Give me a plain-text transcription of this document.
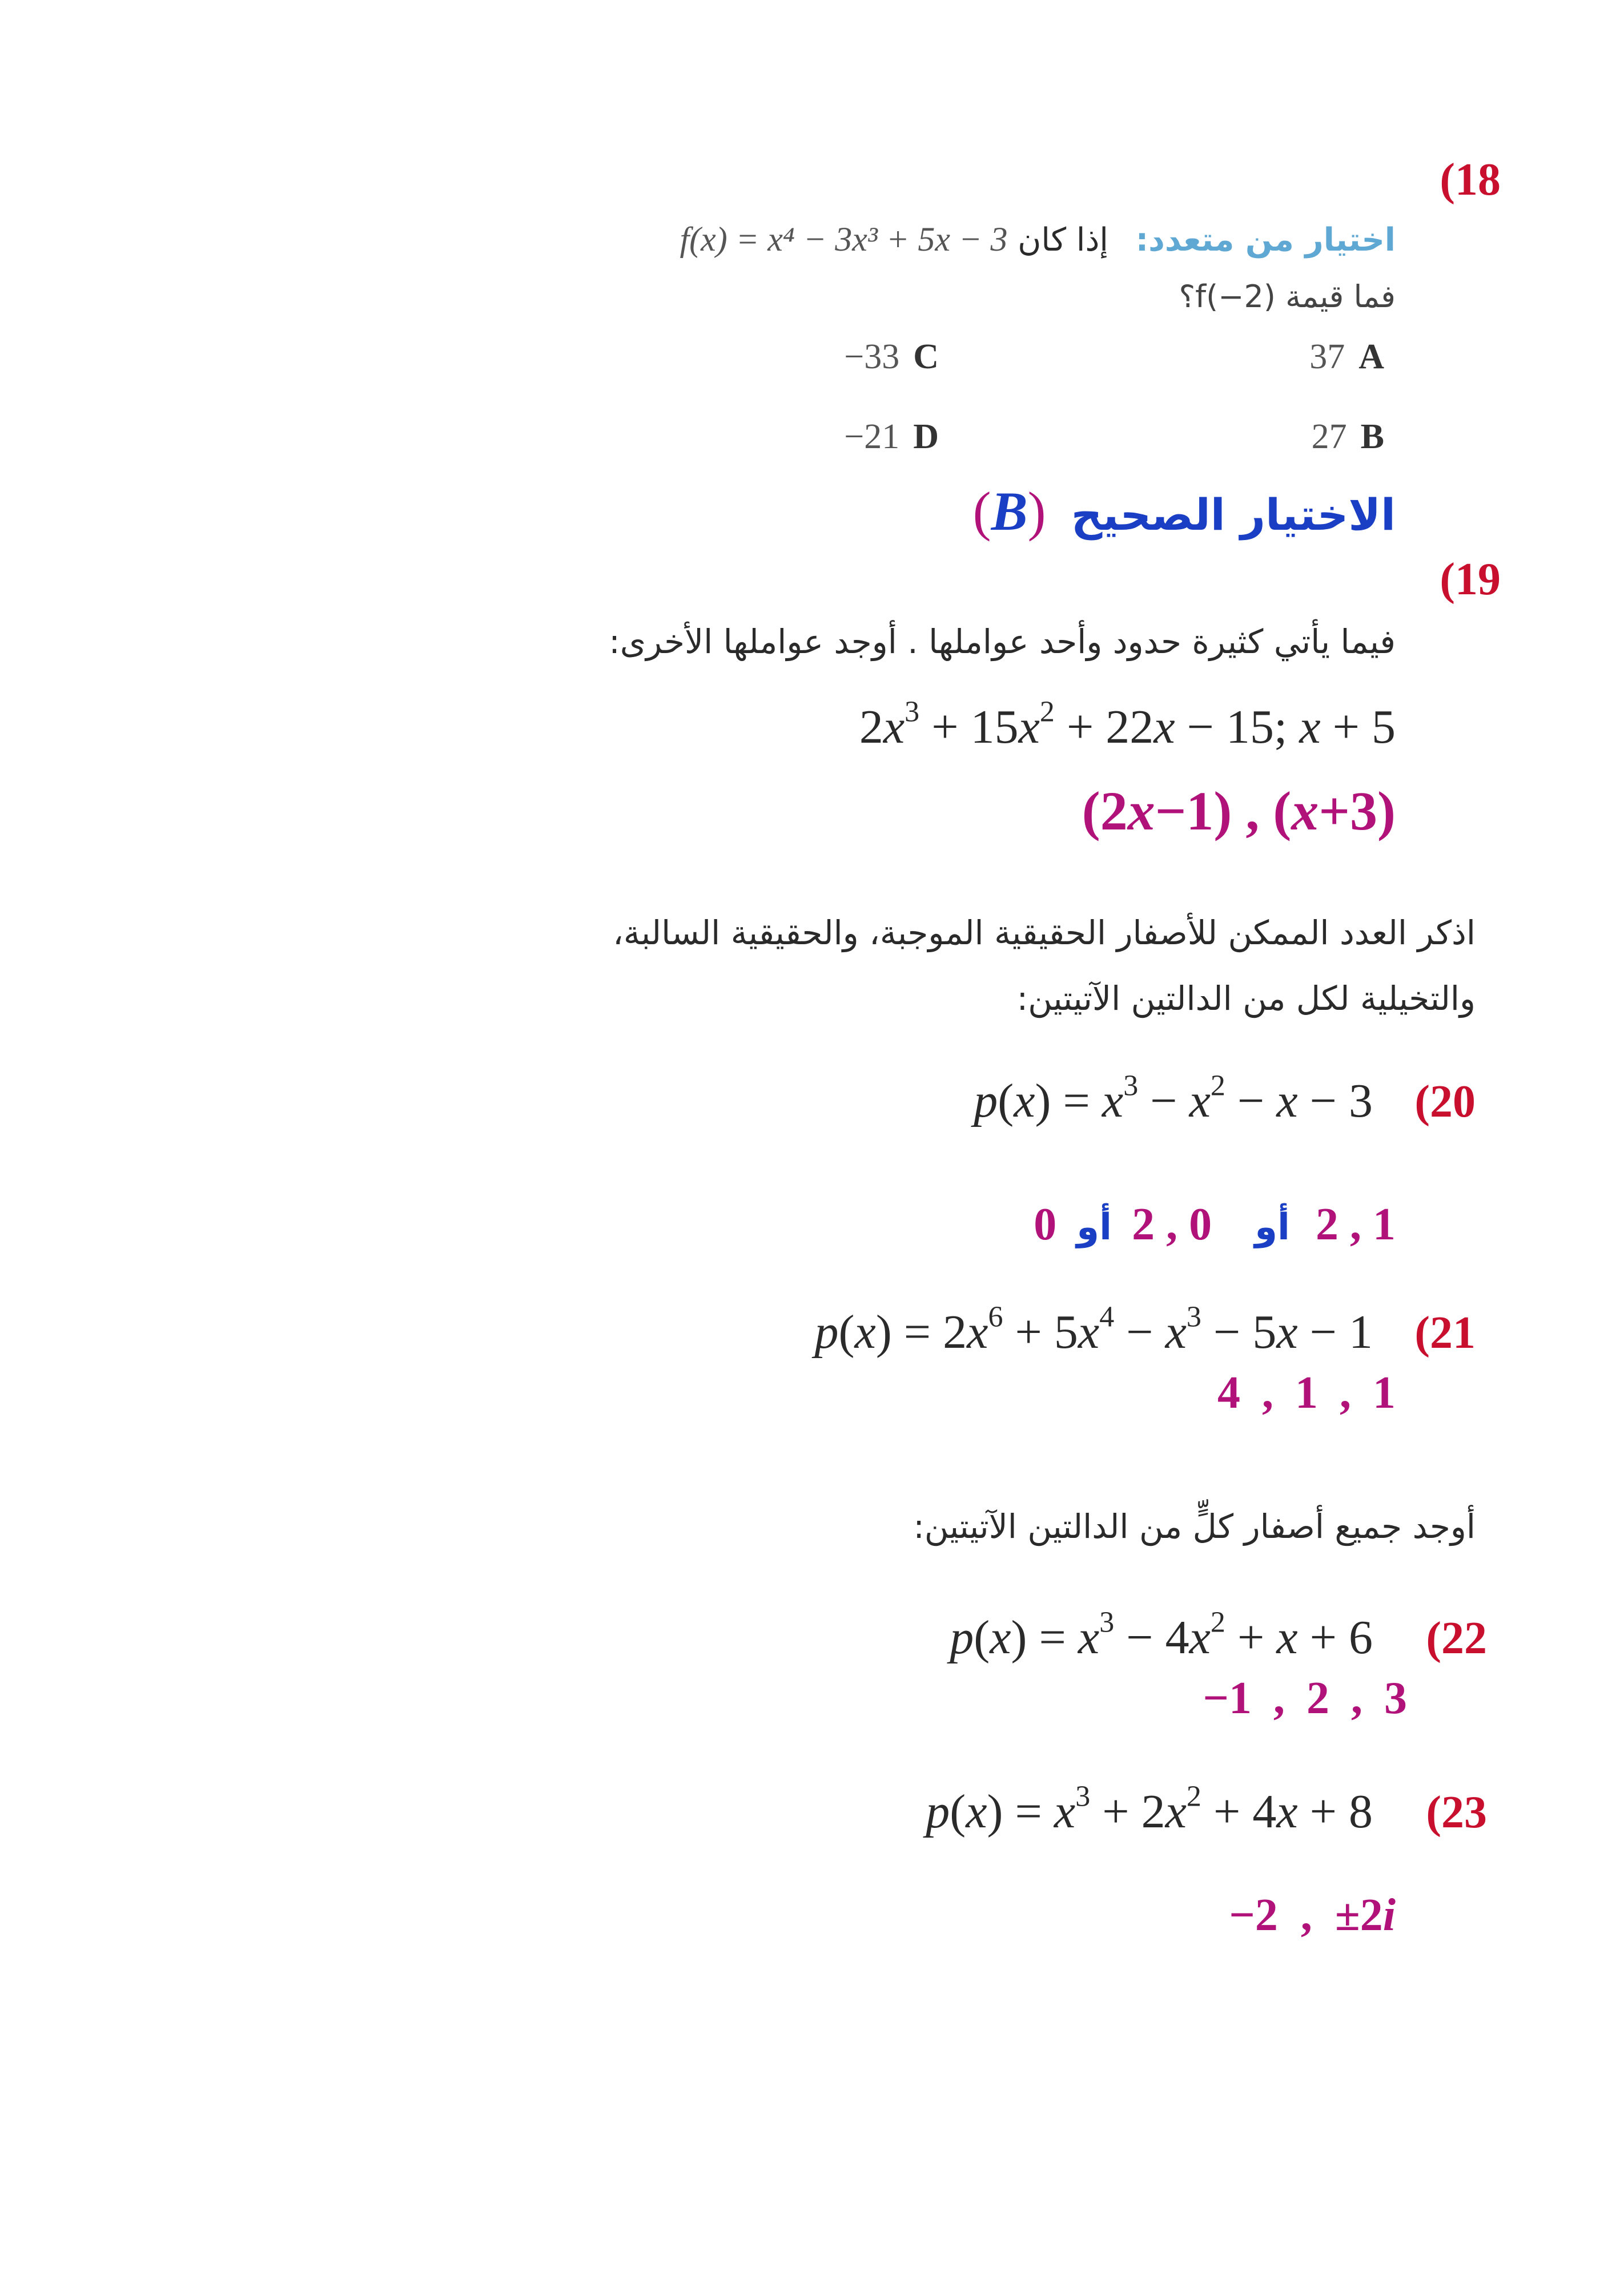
(18
اختيار من متعدد: إذا كان f(x) = x⁴ − 3x³ + 5x − 3
فما قيمة f(−2)؟
37 A
−33 C
27 B
−21 D
الاختيار الصحيح (B)
(19
فيما يأتي كثيرة حدود وأحد عواملها . أوجد عواملها الأخرى:
$2x^3 + 15x^2 + 22x - 15$; x + 5
(2x−1) , (x+3)
اذكر العدد الممكن للأصفار الحقيقية الموجبة، والحقيقية السالبة،
والتخيلية لكل من الدالتين الآتيتين:
(20
$p(x) = x^3 - x^2 - x - 3$
2 , 1 أو 2 , 0 أو 0
(21
$p(x) = 2x^6 + 5x^4 - x^3 - 5x - 1$
4 , 1 , 1
أوجد جميع أصفار كلٍّ من الدالتين الآتيتين:
(22
$p(x) = x^3 - 4x^2 + x + 6$
−1 , 2 , 3
(23
$p(x) = x^3 + 2x^2 + 4x + 8$
−2  ,  ±2i
